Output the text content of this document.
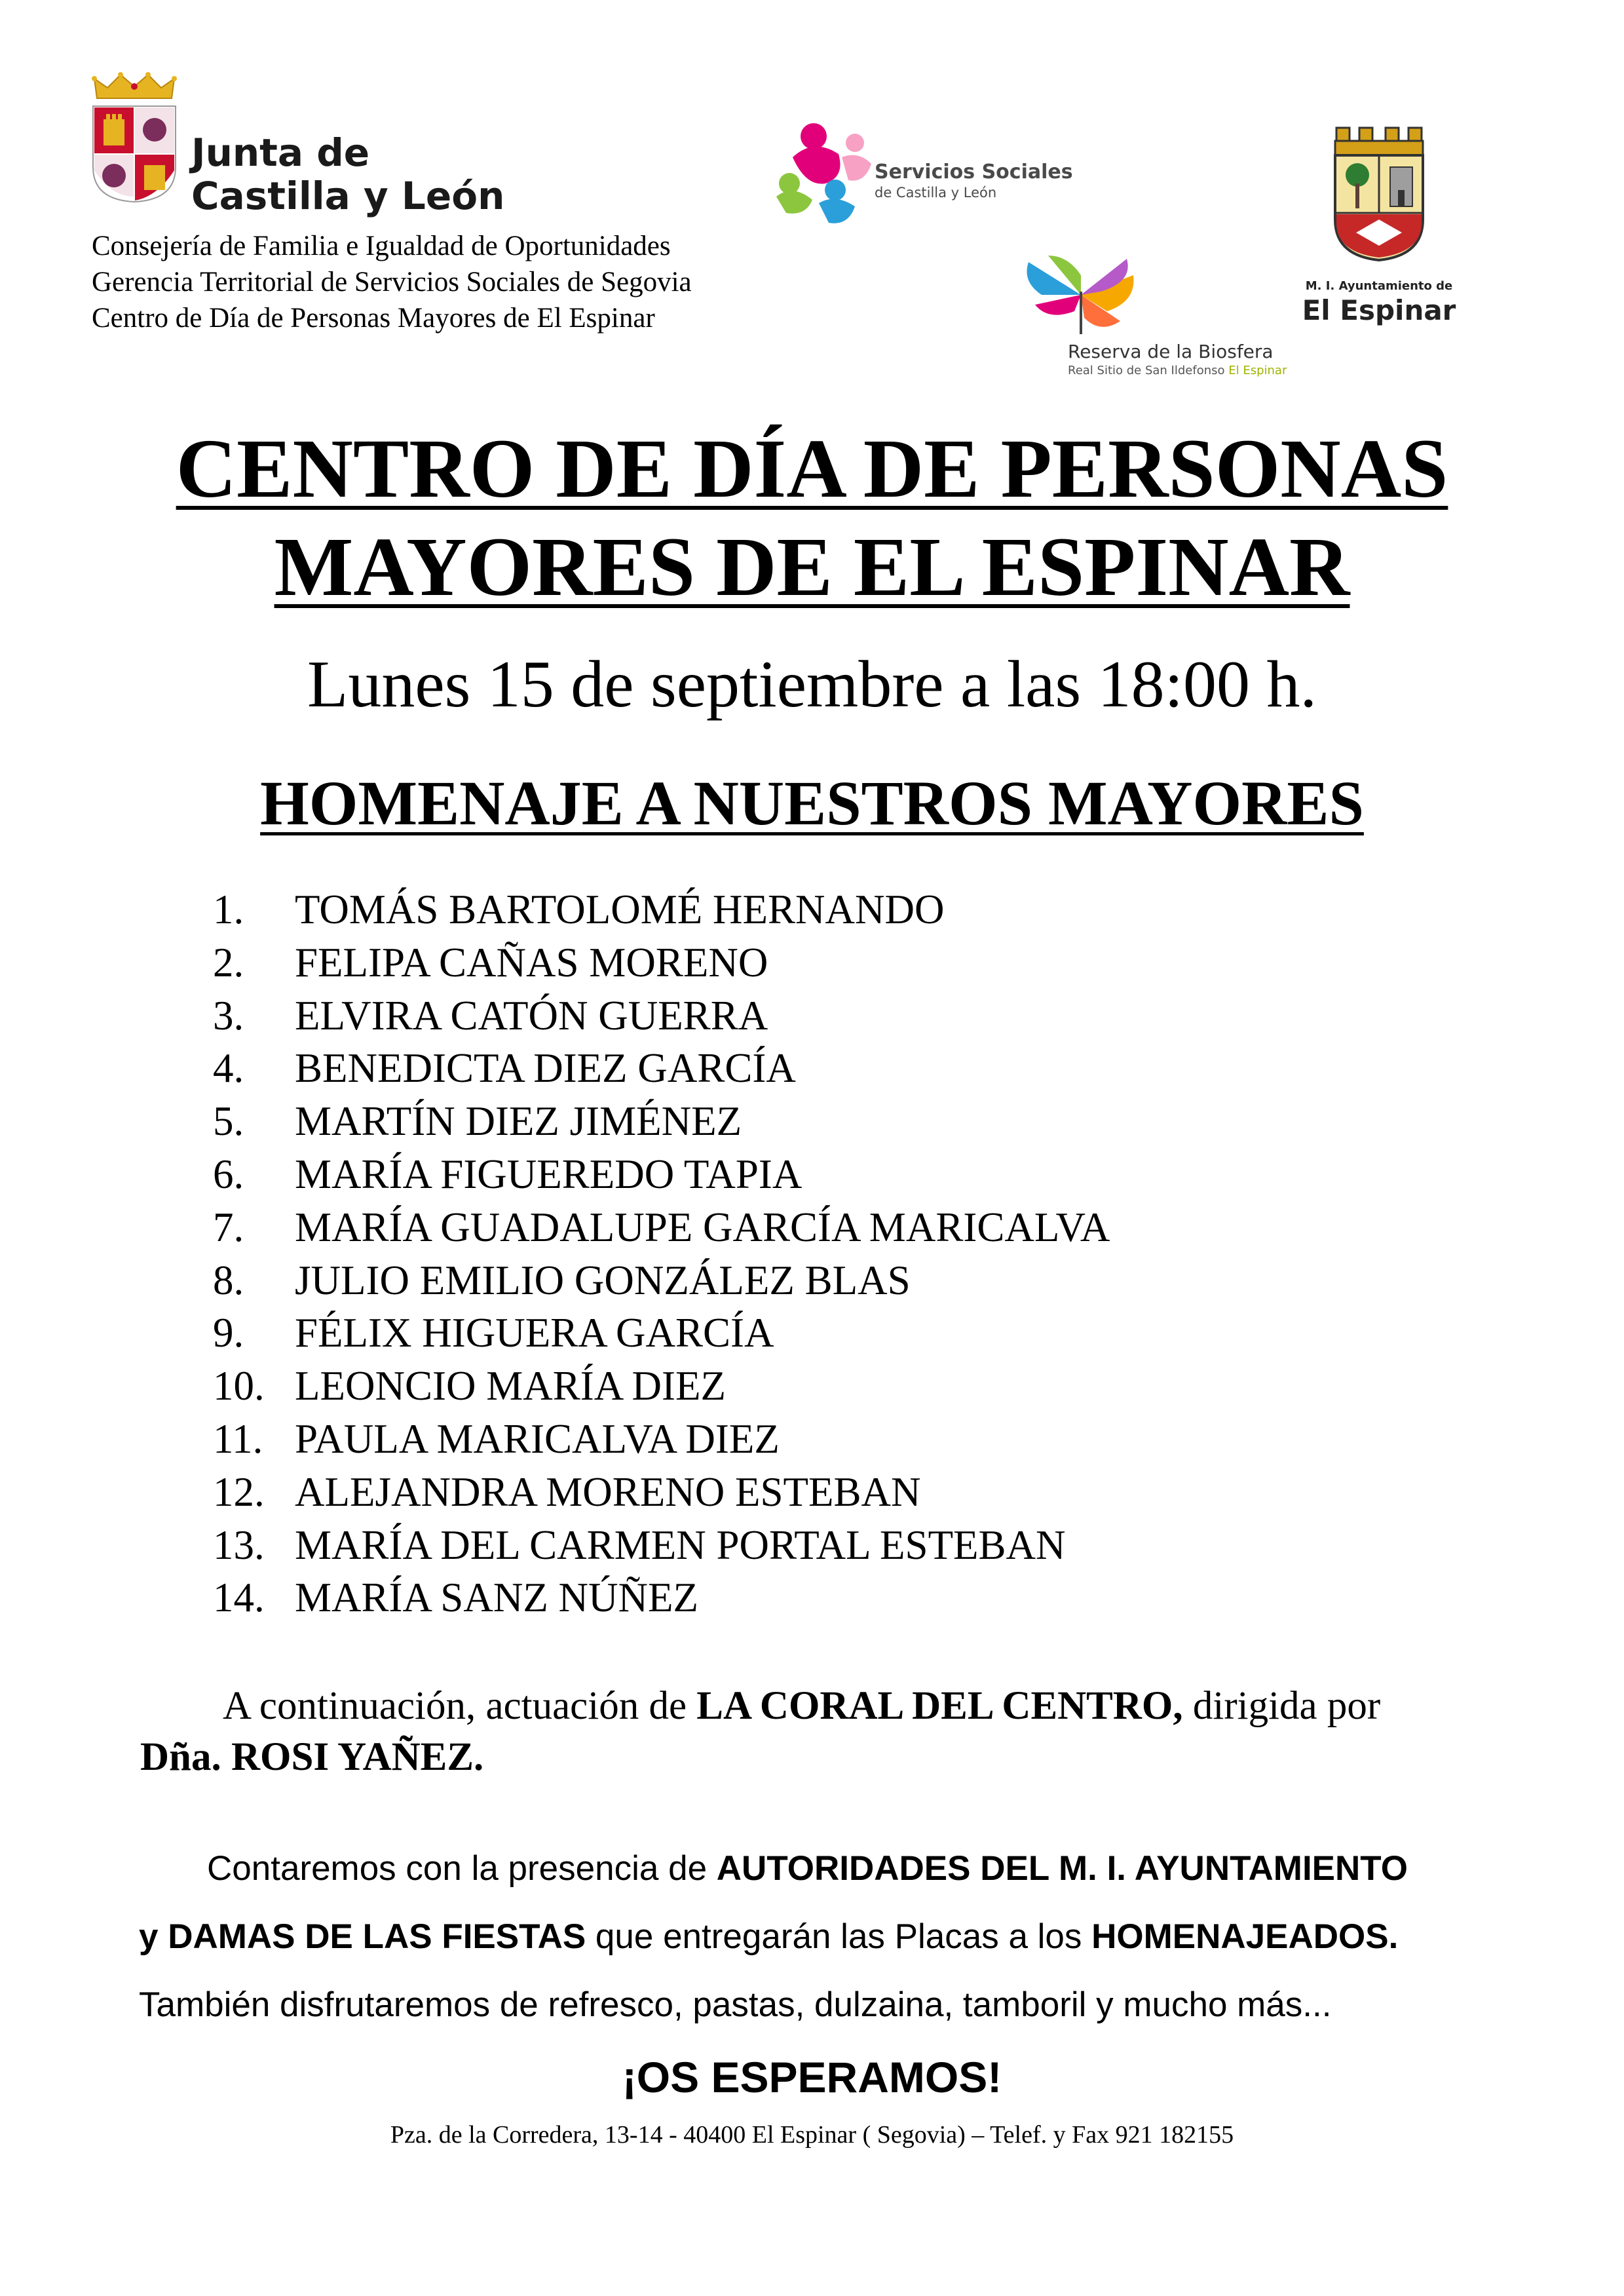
Junta de
Castilla y León
Consejería de Familia e Igualdad de Oportunidades
Gerencia Territorial de Servicios Sociales de Segovia
Centro de Día de Personas Mayores de El Espinar
Servicios Sociales
de Castilla y León
Reserva de la Biosfera
Real Sitio de San Ildefonso El Espinar
M. I. Ayuntamiento de
El Espinar
CENTRO DE DÍA DE PERSONAS
MAYORES DE EL ESPINAR
Lunes 15 de septiembre a las 18:00 h.
HOMENAJE A NUESTROS MAYORES
1. TOMÁS BARTOLOMÉ HERNANDO
2. FELIPA CAÑAS MORENO
3. ELVIRA CATÓN GUERRA
4. BENEDICTA DIEZ GARCÍA
5. MARTÍN DIEZ JIMÉNEZ
6. MARÍA FIGUEREDO TAPIA
7. MARÍA GUADALUPE GARCÍA MARICALVA
8. JULIO EMILIO GONZÁLEZ BLAS
9. FÉLIX HIGUERA GARCÍA
10. LEONCIO MARÍA DIEZ
11. PAULA MARICALVA DIEZ
12. ALEJANDRA MORENO ESTEBAN
13. MARÍA DEL CARMEN PORTAL ESTEBAN
14. MARÍA SANZ NÚÑEZ
A continuación, actuación de LA CORAL DEL CENTRO, dirigida por
Dña. ROSI YAÑEZ.
Contaremos con la presencia de AUTORIDADES DEL M. I. AYUNTAMIENTO
y DAMAS DE LAS FIESTAS que entregarán las Placas a los HOMENAJEADOS.
También disfrutaremos de refresco, pastas, dulzaina, tamboril y mucho más...
¡OS ESPERAMOS!
Pza. de la Corredera, 13-14 - 40400 El Espinar ( Segovia) – Telef. y Fax 921 182155
